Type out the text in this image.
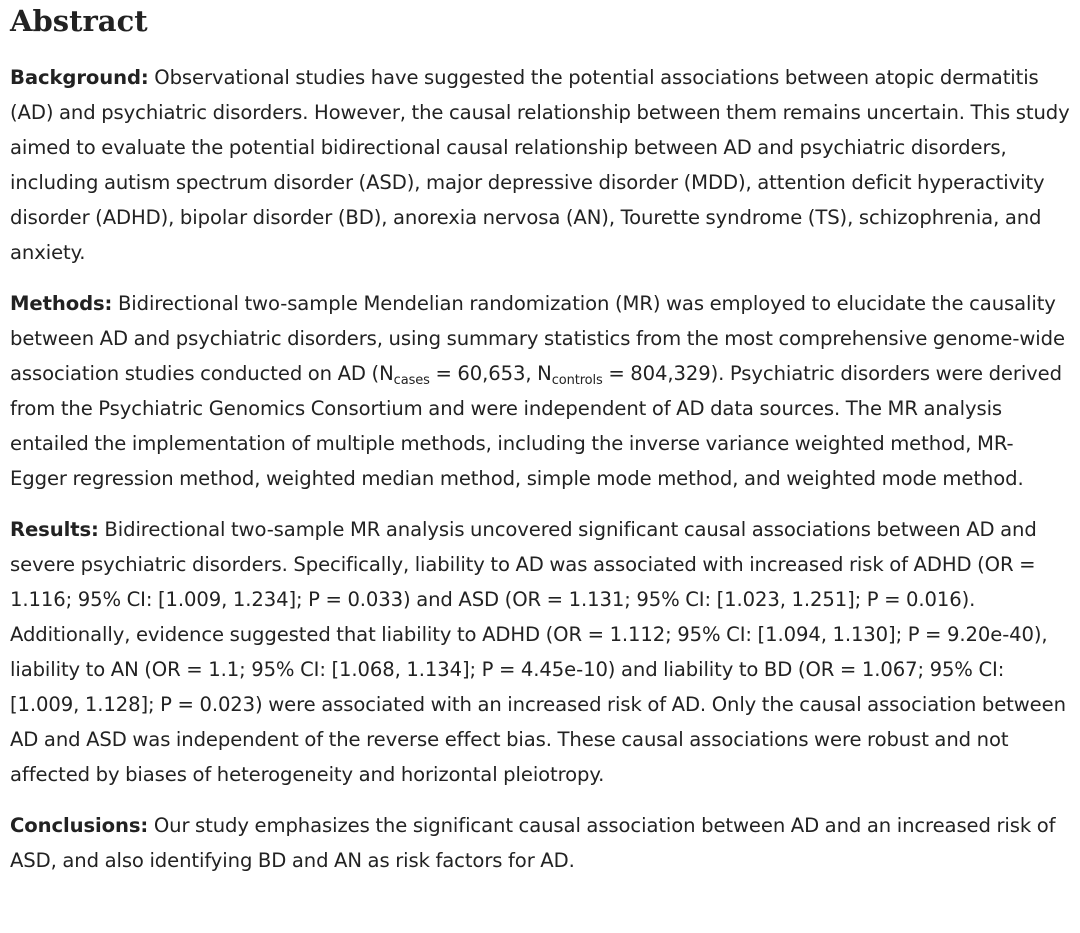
Abstract

Background: Observational studies have suggested the potential associations between atopic dermatitis (AD) and psychiatric disorders. However, the causal relationship between them remains uncertain. This study aimed to evaluate the potential bidirectional causal relationship between AD and psychiatric disorders, including autism spectrum disorder (ASD), major depressive disorder (MDD), attention deficit hyperactivity disorder (ADHD), bipolar disorder (BD), anorexia nervosa (AN), Tourette syndrome (TS), schizophrenia, and anxiety.

Methods: Bidirectional two-sample Mendelian randomization (MR) was employed to elucidate the causality between AD and psychiatric disorders, using summary statistics from the most comprehensive genome-wide association studies conducted on AD ($N_{cases} = 60,653$, $N_{controls} = 804,329$). Psychiatric disorders were derived from the Psychiatric Genomics Consortium and were independent of AD data sources. The MR analysis entailed the implementation of multiple methods, including the inverse variance weighted method, MR-Egger regression method, weighted median method, simple mode method, and weighted mode method.

Results: Bidirectional two-sample MR analysis uncovered significant causal associations between AD and severe psychiatric disorders. Specifically, liability to AD was associated with increased risk of ADHD (OR = 1.116; 95% CI: [1.009, 1.234]; P = 0.033) and ASD (OR = 1.131; 95% CI: [1.023, 1.251]; P = 0.016). Additionally, evidence suggested that liability to ADHD (OR = 1.112; 95% CI: [1.094, 1.130]; P = 9.20e-40), liability to AN (OR = 1.1; 95% CI: [1.068, 1.134]; P = 4.45e-10) and liability to BD (OR = 1.067; 95% CI: [1.009, 1.128]; P = 0.023) were associated with an increased risk of AD. Only the causal association between AD and ASD was independent of the reverse effect bias. These causal associations were robust and not affected by biases of heterogeneity and horizontal pleiotropy.

Conclusions: Our study emphasizes the significant causal association between AD and an increased risk of ASD, and also identifying BD and AN as risk factors for AD.
